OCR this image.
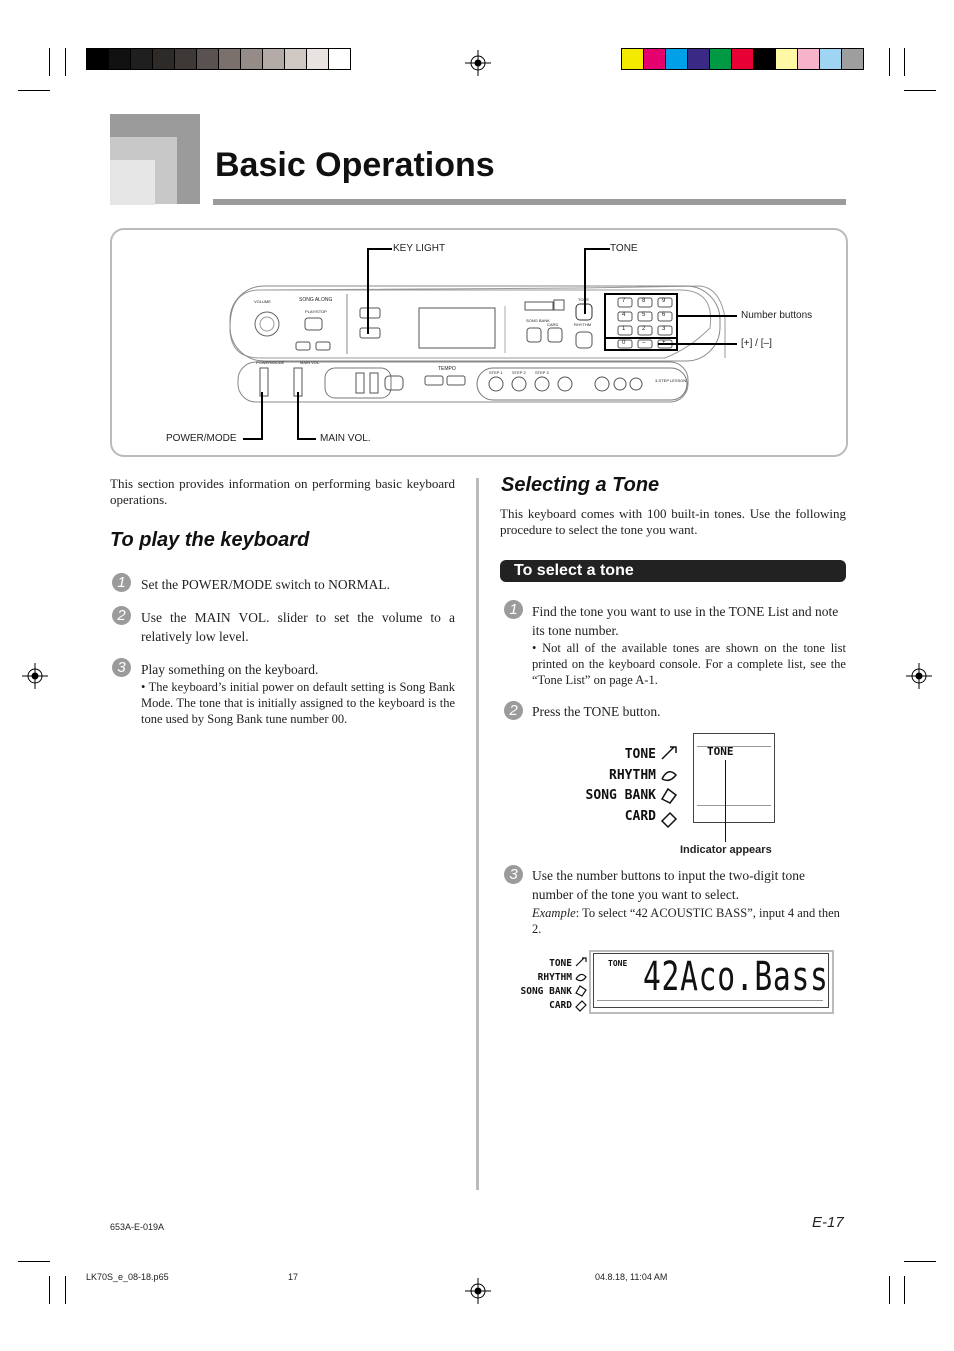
Basic Operations
SONG ALONG
PLAY/STOP
VOLUME
POWER/MODE	MAIN VOL.
TEMPO
SONG BANK
CARD	RHYTHM
TONE
STEP 1 STEP 2 STEP 3
3-STEP LESSON
7	8	9
4	5	6
1	2	3
0	–	+
KEY LIGHT	TONE
Number buttons
[+] / [–]
POWER/MODE	MAIN VOL.
This section provides information on performing basic keyboard operations.
To play the keyboard
1	Set the POWER/MODE switch to NORMAL.
2	Use the MAIN VOL. slider to set the volume to a relatively low level.
3	Play something on the keyboard.
• The keyboard’s initial power on default setting is Song Bank Mode. The tone that is initially assigned to the keyboard is the tone used by Song Bank tune number 00.
Selecting a Tone
This keyboard comes with 100 built-in tones. Use the following procedure to select the tone you want.
To select a tone
1	Find the tone you want to use in the TONE List and note its tone number.
• Not all of the available tones are shown on the tone list printed on the keyboard console. For a complete list, see the “Tone List” on page A-1.
2	Press the TONE button.
TONE
RHYTHM
SONG BANK
CARD
TONE
Indicator appears
3	Use the number buttons to input the two-digit tone number of the tone you want to select.
Example: To select “42 ACOUSTIC BASS”, input 4 and then 2.
TONE
RHYTHM
SONG BANK
CARD
TONE 42Aco.Bass
E-17
653A-E-019A
LK70S_e_08-18.p65	17	04.8.18, 11:04 AM
